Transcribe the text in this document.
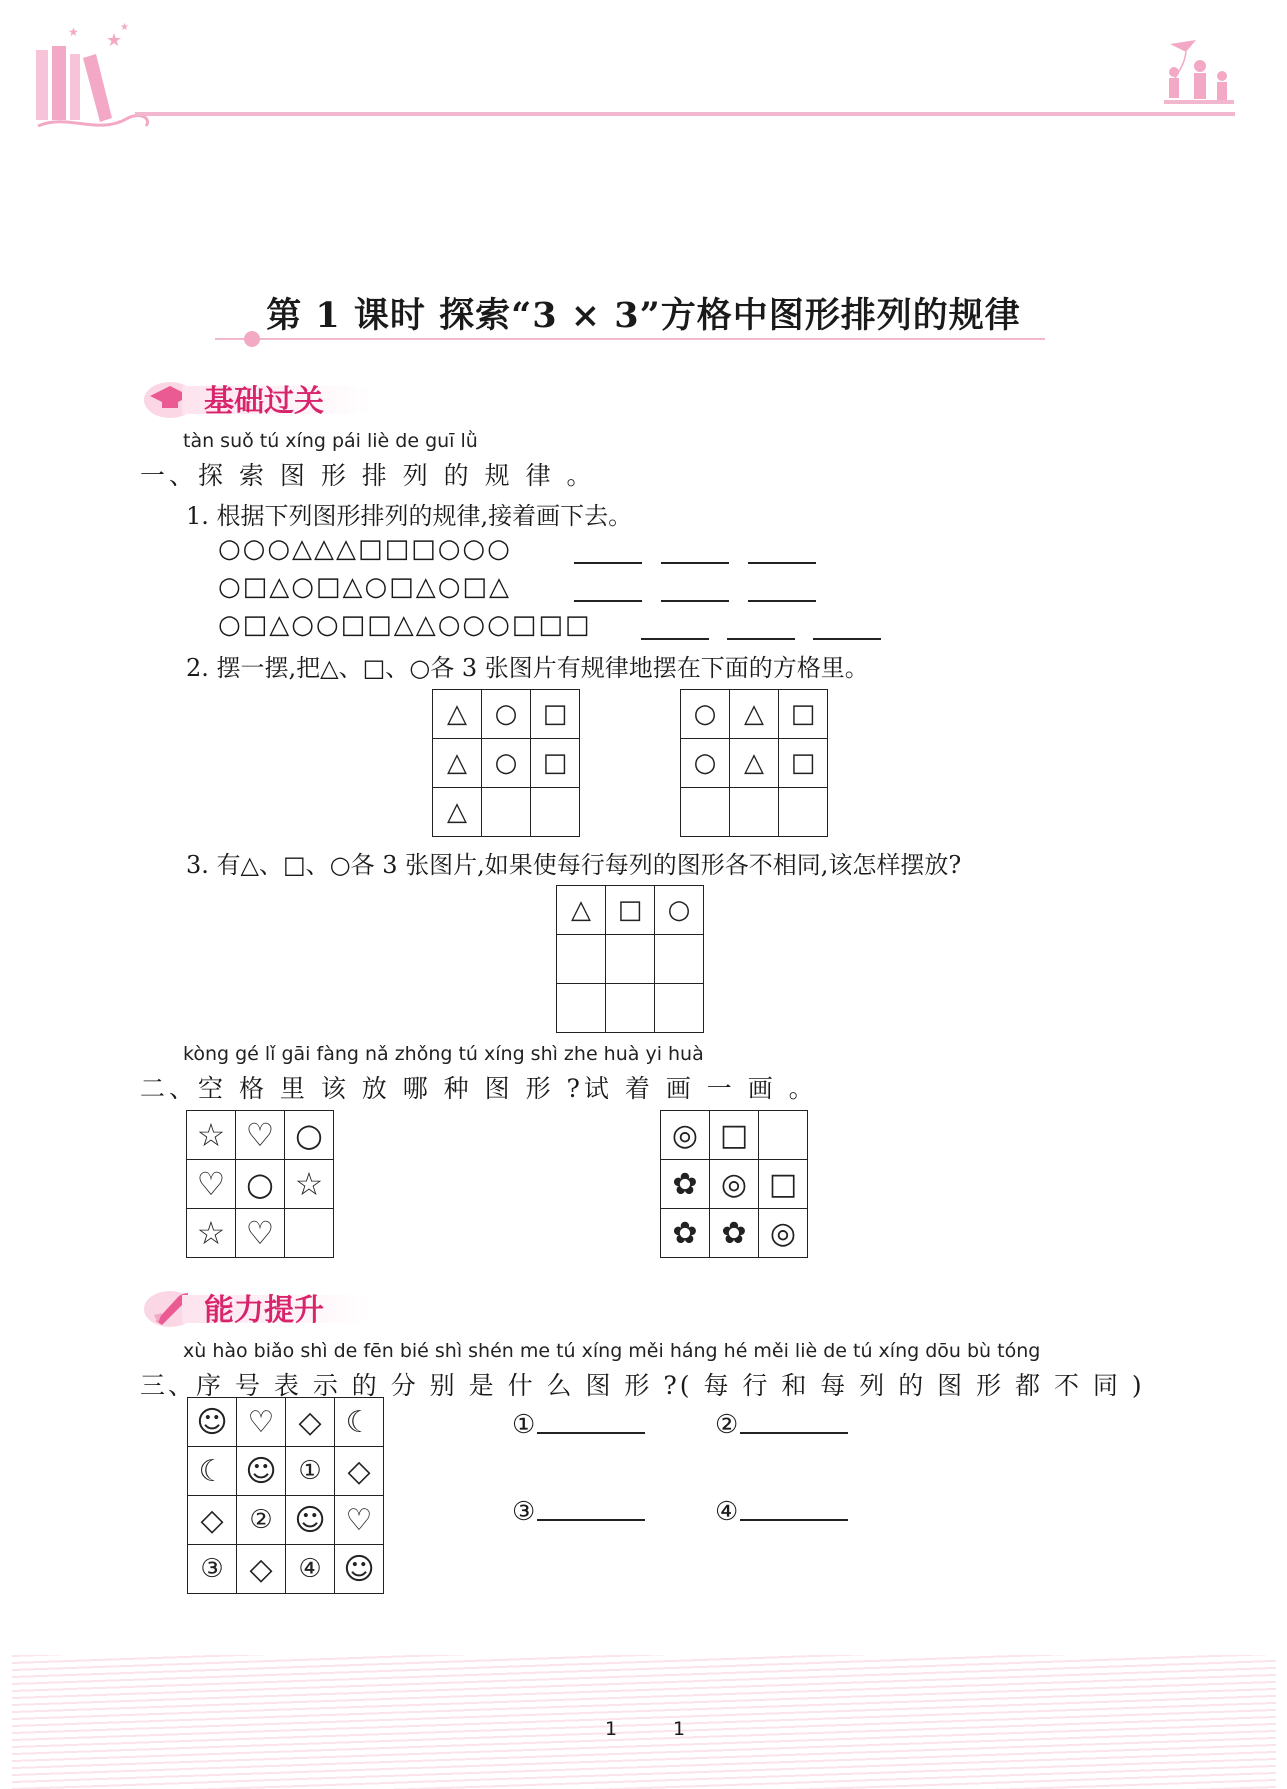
★
★	★
第 1 课时 探索“3 × 3”方格中图形排列的规律
基础过关
tàn suǒ tú xíng pái liè de guī lǜ
一、探 索 图 形 排 列 的 规 律 。
1. 根据下列图形排列的规律,接着画下去。
○○○△△△□□□○○○
○□△○□△○□△○□△
○□△○○□□△△○○○□□□
2. 摆一摆,把△、□、○各 3 张图片有规律地摆在下面的方格里。
△	○	□
△	○	□
△		
○	△	□
○	△	□

3. 有△、□、○各 3 张图片,如果使每行每列的图形各不相同,该怎样摆放?
△	□	○

kòng gé lǐ gāi fàng nǎ zhǒng tú xíng shì zhe huà yi huà
二、空 格 里 该 放 哪 种 图 形 ?试 着 画 一 画 。
☆	♡	○
♡	○	☆
☆	♡	
◎	□	
✿	◎	□
✿	✿	◎
能力提升
xù hào biǎo shì de fēn bié shì shén me tú xíng měi háng hé měi liè de tú xíng dōu bù tóng
三、序 号 表 示 的 分 别 是 什 么 图 形 ?( 每 行 和 每 列 的 图 形 都 不 同 )
☺	♡	◇	☾
☾	☺	①	◇
◇	②	☺	♡
③	◇	④	☺
①	②
③	④
1	1
